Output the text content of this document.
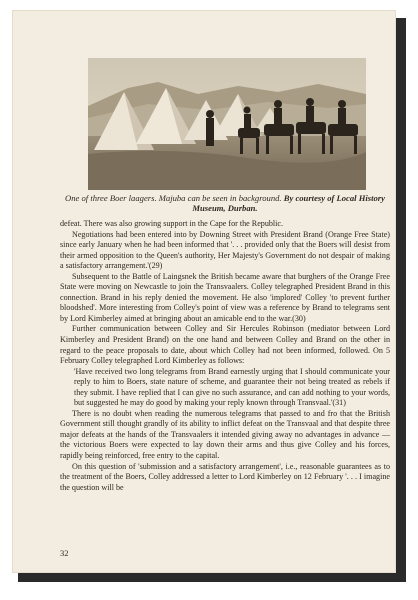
One of three Boer laagers. Majuba can be seen in background. By courtesy of Local History Museum, Durban.

defeat. There was also growing support in the Cape for the Republic.

Negotiations had been entered into by Downing Street with President Brand (Orange Free State) since early January when he had been informed that '. . . provided only that the Boers will desist from their armed opposition to the Queen's authority, Her Majesty's Government do not despair of making a satisfactory arrangement.'(29)

Subsequent to the Battle of Laingsnek the British became aware that burghers of the Orange Free State were moving on Newcastle to join the Transvaalers. Colley telegraphed President Brand in this connection. Brand in his reply denied the movement. He also 'implored' Colley 'to prevent further bloodshed'. More interesting from Colley's point of view was a reference by Brand to telegrams sent by Lord Kimberley aimed at bringing about an amicable end to the war.(30)

Further communication between Colley and Sir Hercules Robinson (mediator between Lord Kimberley and President Brand) on the one hand and between Colley and Brand on the other in regard to the peace proposals to date, about which Colley had not been informed, followed. On 5 February Colley telegraphed Lord Kimberley as follows:

'Have received two long telegrams from Brand earnestly urging that I should communicate your reply to him to Boers, state nature of scheme, and guarantee their not being treated as rebels if they submit. I have replied that I can give no such assurance, and can add nothing to your words, but suggested he may do good by making your reply known through Transvaal.'(31)

There is no doubt when reading the numerous telegrams that passed to and fro that the British Government still thought grandly of its ability to inflict defeat on the Transvaal and that despite three major defeats at the hands of the Transvaalers it intended giving away no advantages in advance — the victorious Boers were expected to lay down their arms and thus give Colley and his forces, rapidly being reinforced, free entry to the capital.

On this question of 'submission and a satisfactory arrangement', i.e., reasonable guarantees as to the treatment of the Boers, Colley addressed a letter to Lord Kimberley on 12 February '. . . I imagine the question will be

32
